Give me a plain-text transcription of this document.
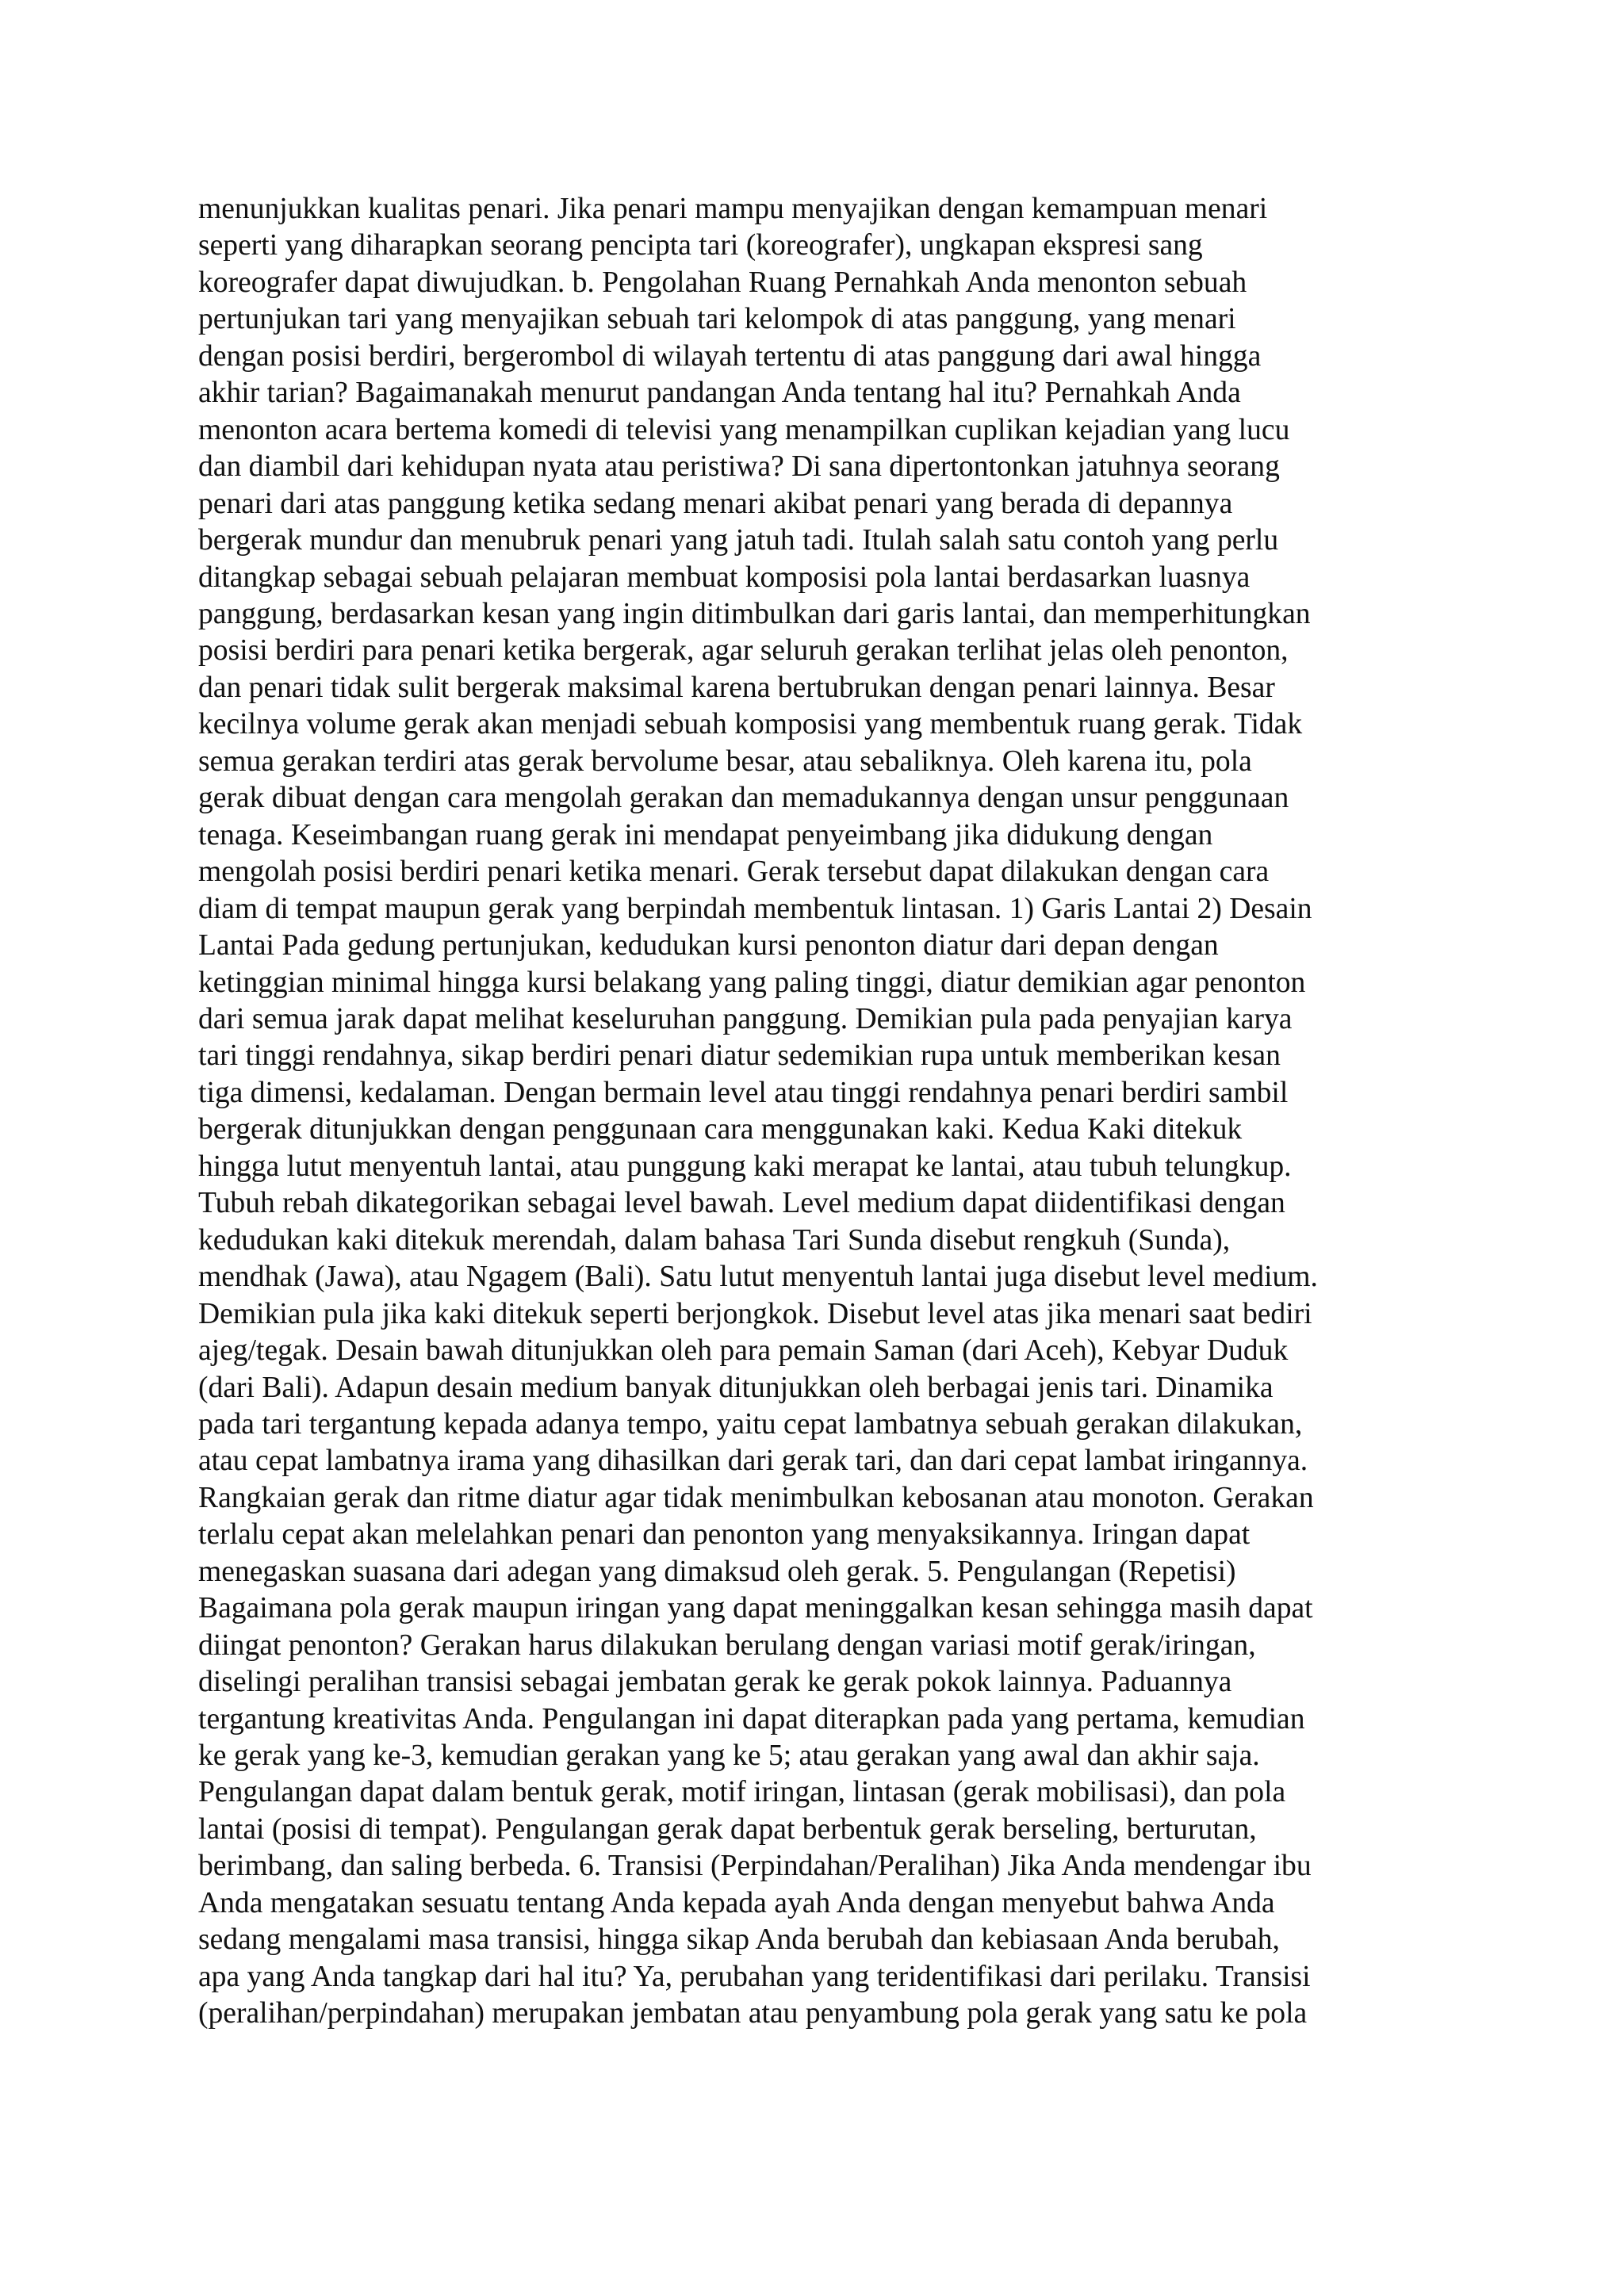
menunjukkan kualitas penari. Jika penari mampu menyajikan dengan kemampuan menari
seperti yang diharapkan seorang pencipta tari (koreografer), ungkapan ekspresi sang
koreografer dapat diwujudkan. b. Pengolahan Ruang Pernahkah Anda menonton sebuah
pertunjukan tari yang menyajikan sebuah tari kelompok di atas panggung, yang menari
dengan posisi berdiri, bergerombol di wilayah tertentu di atas panggung dari awal hingga
akhir tarian? Bagaimanakah menurut pandangan Anda tentang hal itu? Pernahkah Anda
menonton acara bertema komedi di televisi yang menampilkan cuplikan kejadian yang lucu
dan diambil dari kehidupan nyata atau peristiwa? Di sana dipertontonkan jatuhnya seorang
penari dari atas panggung ketika sedang menari akibat penari yang berada di depannya
bergerak mundur dan menubruk penari yang jatuh tadi. Itulah salah satu contoh yang perlu
ditangkap sebagai sebuah pelajaran membuat komposisi pola lantai berdasarkan luasnya
panggung, berdasarkan kesan yang ingin ditimbulkan dari garis lantai, dan memperhitungkan
posisi berdiri para penari ketika bergerak, agar seluruh gerakan terlihat jelas oleh penonton,
dan penari tidak sulit bergerak maksimal karena bertubrukan dengan penari lainnya. Besar
kecilnya volume gerak akan menjadi sebuah komposisi yang membentuk ruang gerak. Tidak
semua gerakan terdiri atas gerak bervolume besar, atau sebaliknya. Oleh karena itu, pola
gerak dibuat dengan cara mengolah gerakan dan memadukannya dengan unsur penggunaan
tenaga. Keseimbangan ruang gerak ini mendapat penyeimbang jika didukung dengan
mengolah posisi berdiri penari ketika menari. Gerak tersebut dapat dilakukan dengan cara
diam di tempat maupun gerak yang berpindah membentuk lintasan. 1) Garis Lantai 2) Desain
Lantai Pada gedung pertunjukan, kedudukan kursi penonton diatur dari depan dengan
ketinggian minimal hingga kursi belakang yang paling tinggi, diatur demikian agar penonton
dari semua jarak dapat melihat keseluruhan panggung. Demikian pula pada penyajian karya
tari tinggi rendahnya, sikap berdiri penari diatur sedemikian rupa untuk memberikan kesan
tiga dimensi, kedalaman. Dengan bermain level atau tinggi rendahnya penari berdiri sambil
bergerak ditunjukkan dengan penggunaan cara menggunakan kaki. Kedua Kaki ditekuk
hingga lutut menyentuh lantai, atau punggung kaki merapat ke lantai, atau tubuh telungkup.
Tubuh rebah dikategorikan sebagai level bawah. Level medium dapat diidentifikasi dengan
kedudukan kaki ditekuk merendah, dalam bahasa Tari Sunda disebut rengkuh (Sunda),
mendhak (Jawa), atau Ngagem (Bali). Satu lutut menyentuh lantai juga disebut level medium.
Demikian pula jika kaki ditekuk seperti berjongkok. Disebut level atas jika menari saat bediri
ajeg/tegak. Desain bawah ditunjukkan oleh para pemain Saman (dari Aceh), Kebyar Duduk
(dari Bali). Adapun desain medium banyak ditunjukkan oleh berbagai jenis tari. Dinamika
pada tari tergantung kepada adanya tempo, yaitu cepat lambatnya sebuah gerakan dilakukan,
atau cepat lambatnya irama yang dihasilkan dari gerak tari, dan dari cepat lambat iringannya.
Rangkaian gerak dan ritme diatur agar tidak menimbulkan kebosanan atau monoton. Gerakan
terlalu cepat akan melelahkan penari dan penonton yang menyaksikannya. Iringan dapat
menegaskan suasana dari adegan yang dimaksud oleh gerak. 5. Pengulangan (Repetisi)
Bagaimana pola gerak maupun iringan yang dapat meninggalkan kesan sehingga masih dapat
diingat penonton? Gerakan harus dilakukan berulang dengan variasi motif gerak/iringan,
diselingi peralihan transisi sebagai jembatan gerak ke gerak pokok lainnya. Paduannya
tergantung kreativitas Anda. Pengulangan ini dapat diterapkan pada yang pertama, kemudian
ke gerak yang ke-3, kemudian gerakan yang ke 5; atau gerakan yang awal dan akhir saja.
Pengulangan dapat dalam bentuk gerak, motif iringan, lintasan (gerak mobilisasi), dan pola
lantai (posisi di tempat). Pengulangan gerak dapat berbentuk gerak berseling, berturutan,
berimbang, dan saling berbeda. 6. Transisi (Perpindahan/Peralihan) Jika Anda mendengar ibu
Anda mengatakan sesuatu tentang Anda kepada ayah Anda dengan menyebut bahwa Anda
sedang mengalami masa transisi, hingga sikap Anda berubah dan kebiasaan Anda berubah,
apa yang Anda tangkap dari hal itu? Ya, perubahan yang teridentifikasi dari perilaku. Transisi
(peralihan/perpindahan) merupakan jembatan atau penyambung pola gerak yang satu ke pola
